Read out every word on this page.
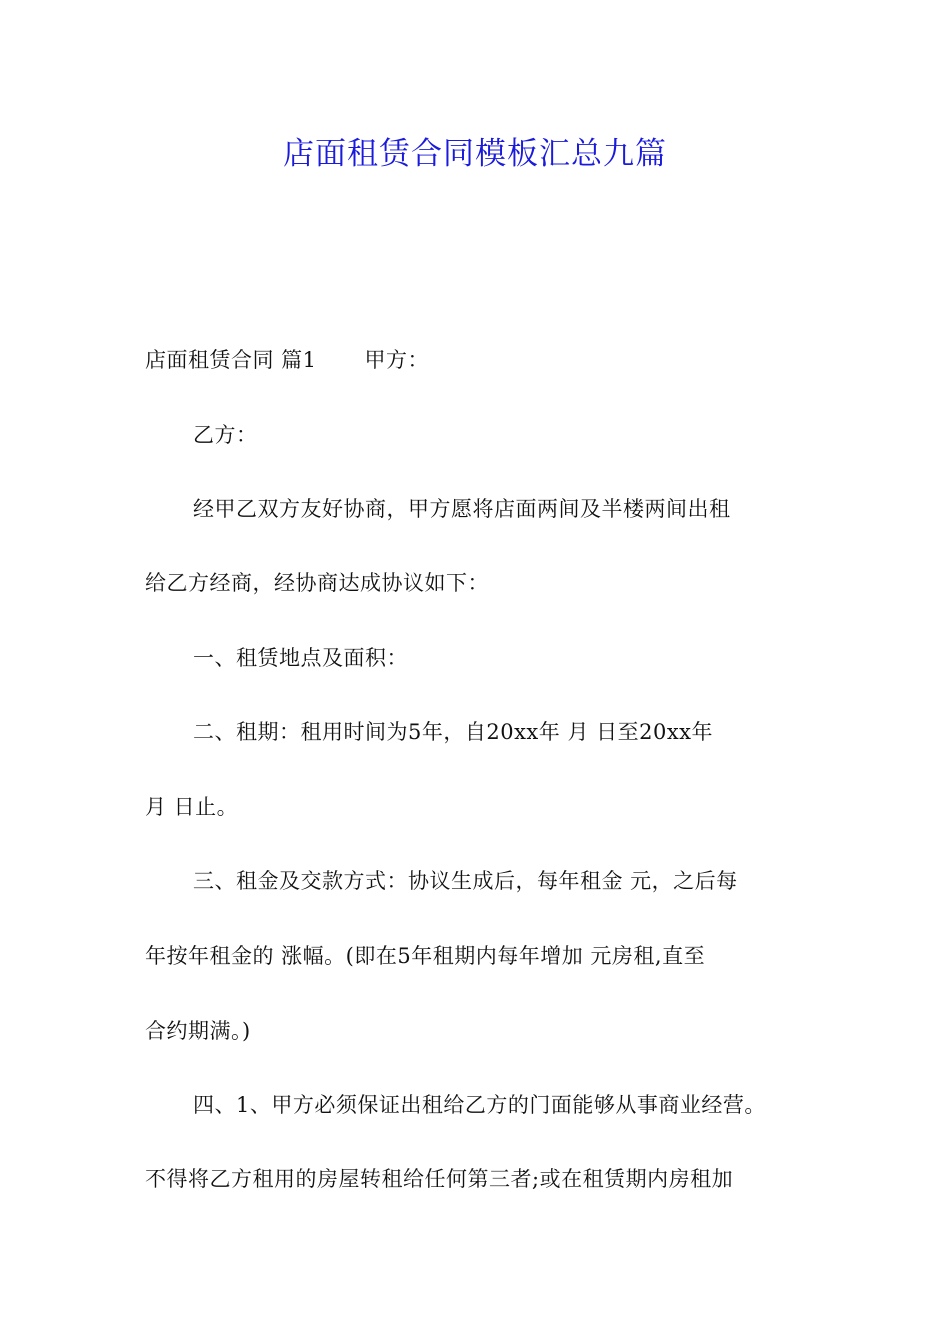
店面租赁合同模板汇总九篇
店面租赁合同 篇1 甲方：
乙方：
经甲乙双方友好协商，甲方愿将店面两间及半楼两间出租
给乙方经商，经协商达成协议如下：
一、租赁地点及面积：
二、租期：租用时间为5年，自20xx年 月 日至20xx年
月 日止。
三、租金及交款方式：协议生成后，每年租金 元，之后每
年按年租金的 涨幅。(即在5年租期内每年增加 元房租,直至
合约期满。)
四、1、甲方必须保证出租给乙方的门面能够从事商业经营。
不得将乙方租用的房屋转租给任何第三者;或在租赁期内房租加
